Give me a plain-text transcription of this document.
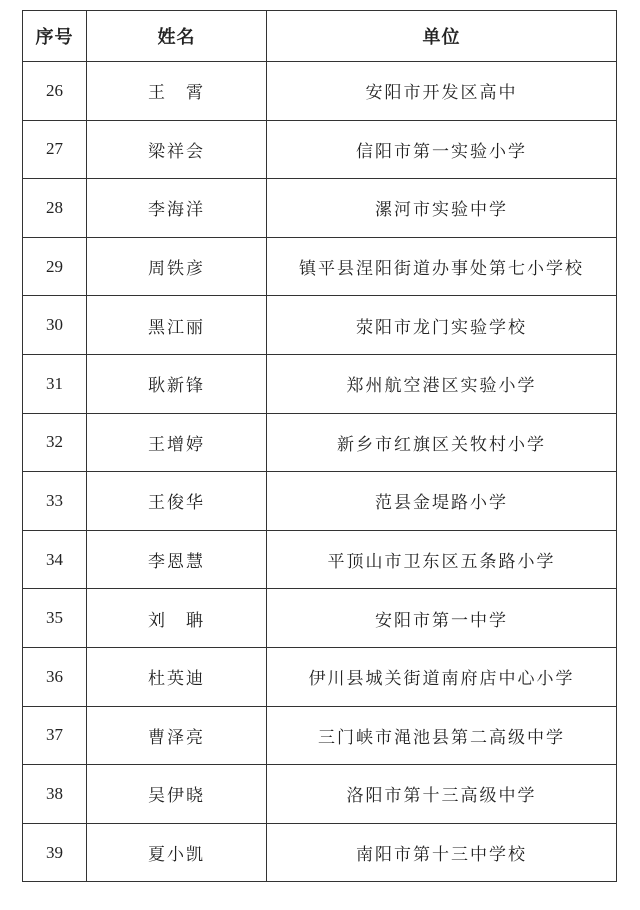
序号	姓名	单位
26	王　霄	安阳市开发区高中
27	梁祥会	信阳市第一实验小学
28	李海洋	漯河市实验中学
29	周铁彦	镇平县涅阳街道办事处第七小学校
30	黑江丽	荥阳市龙门实验学校
31	耿新锋	郑州航空港区实验小学
32	王增婷	新乡市红旗区关牧村小学
33	王俊华	范县金堤路小学
34	李恩慧	平顶山市卫东区五条路小学
35	刘　聃	安阳市第一中学
36	杜英迪	伊川县城关街道南府店中心小学
37	曹泽亮	三门峡市渑池县第二高级中学
38	吴伊晓	洛阳市第十三高级中学
39	夏小凯	南阳市第十三中学校
